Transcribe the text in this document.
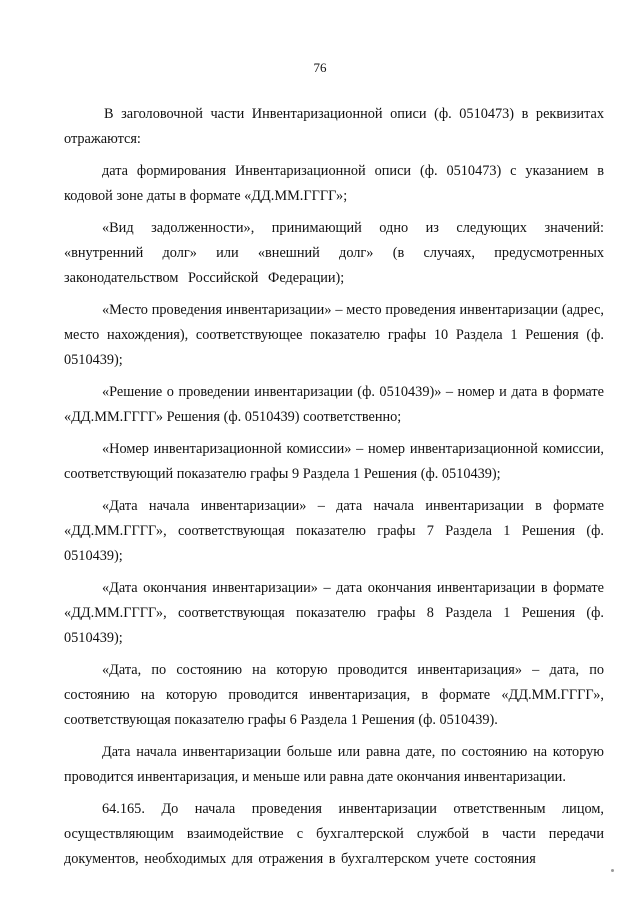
76

В заголовочной части Инвентаризационной описи (ф. 0510473) в реквизитах отражаются:

дата формирования Инвентаризационной описи (ф. 0510473) с указанием в кодовой зоне даты в формате «ДД.ММ.ГГГГ»;

«Вид задолженности», принимающий одно из следующих значений: «внутренний долг» или «внешний долг» (в случаях, предусмотренных законодательством Российской Федерации);

«Место проведения инвентаризации» – место проведения инвентаризации (адрес, место нахождения), соответствующее показателю графы 10 Раздела 1 Решения (ф. 0510439);

«Решение о проведении инвентаризации (ф. 0510439)» – номер и дата в формате «ДД.ММ.ГГГГ» Решения (ф. 0510439) соответственно;

«Номер инвентаризационной комиссии» – номер инвентаризационной комиссии, соответствующий показателю графы 9 Раздела 1 Решения (ф. 0510439);

«Дата начала инвентаризации» – дата начала инвентаризации в формате «ДД.ММ.ГГГГ», соответствующая показателю графы 7 Раздела 1 Решения (ф. 0510439);

«Дата окончания инвентаризации» – дата окончания инвентаризации в формате «ДД.ММ.ГГГГ», соответствующая показателю графы 8 Раздела 1 Решения (ф. 0510439);

«Дата, по состоянию на которую проводится инвентаризация» – дата, по состоянию на которую проводится инвентаризация, в формате «ДД.ММ.ГГГГ», соответствующая показателю графы 6 Раздела 1 Решения (ф. 0510439).

Дата начала инвентаризации больше или равна дате, по состоянию на которую проводится инвентаризация, и меньше или равна дате окончания инвентаризации.

64.165. До начала проведения инвентаризации ответственным лицом, осуществляющим взаимодействие с бухгалтерской службой в части передачи документов, необходимых для отражения в бухгалтерском учете состояния
